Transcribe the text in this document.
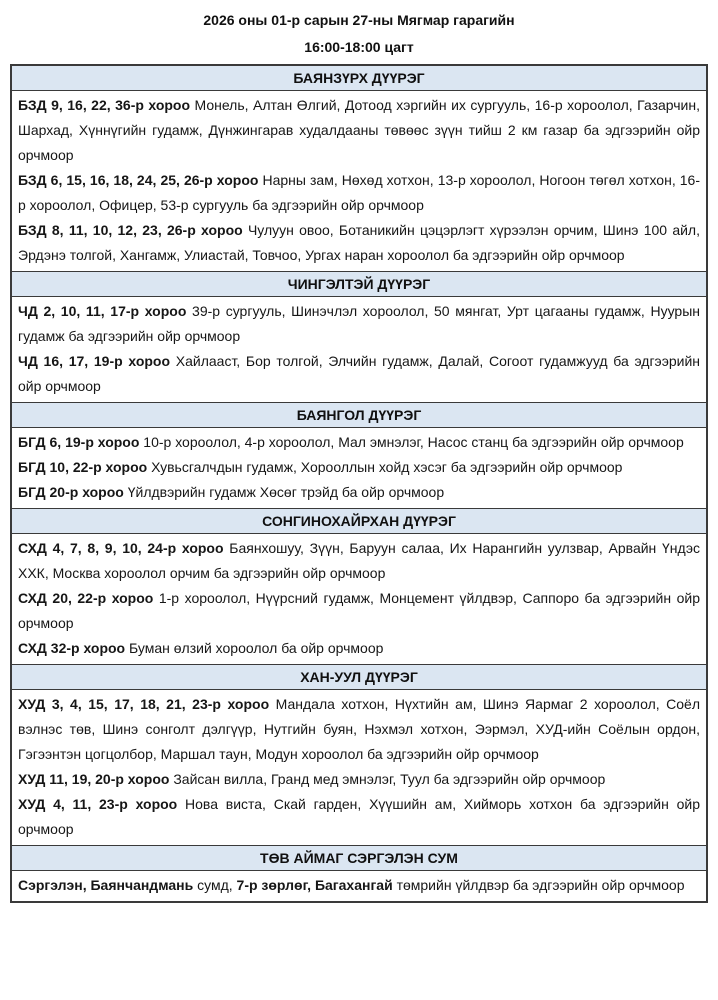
2026 оны 01-р сарын 27-ны Мягмар гарагийн
16:00-18:00 цагт
БАЯНЗҮРХ ДҮҮРЭГ

БЗД 9, 16, 22, 36-р хороо Монель, Алтан Өлгий, Дотоод хэргийн их сургууль, 16-р хороолол, Газарчин, Шархад, Хүннүгийн гудамж, Дүнжингарав худалдааны төвөөс зүүн тийш 2 км газар ба эдгээрийн ойр орчмоор

БЗД 6, 15, 16, 18, 24, 25, 26-р хороо Нарны зам, Нөхөд хотхон, 13-р хороолол, Ногоон төгөл хотхон, 16-р хороолол, Офицер, 53-р сургууль ба эдгээрийн ойр орчмоор

БЗД 8, 11, 10, 12, 23, 26-р хороо Чулуун овоо, Ботаникийн цэцэрлэгт хүрээлэн орчим, Шинэ 100 айл, Эрдэнэ толгой, Хангамж, Улиастай, Товчоо, Ургах наран хороолол ба эдгээрийн ойр орчмоор

ЧИНГЭЛТЭЙ ДҮҮРЭГ

ЧД 2, 10, 11, 17-р хороо 39-р сургууль, Шинэчлэл хороолол, 50 мянгат, Урт цагааны гудамж, Нуурын гудамж ба эдгээрийн ойр орчмоор

ЧД 16, 17, 19-р хороо Хайлааст, Бор толгой, Элчийн гудамж, Далай, Согоот гудамжууд ба эдгээрийн ойр орчмоор

БАЯНГОЛ ДҮҮРЭГ

БГД 6, 19-р хороо 10-р хороолол, 4-р хороолол, Мал эмнэлэг, Насос станц ба эдгээрийн ойр орчмоор

БГД 10, 22-р хороо Хувьсгалчдын гудамж, Хорооллын хойд хэсэг ба эдгээрийн ойр орчмоор

БГД 20-р хороо Үйлдвэрийн гудамж Хөсөг трэйд ба ойр орчмоор

СОНГИНОХАЙРХАН ДҮҮРЭГ

СХД 4, 7, 8, 9, 10, 24-р хороо Баянхошуу, Зүүн, Баруун салаа, Их Нарангийн уулзвар, Арвайн Үндэс ХХК, Москва хороолол орчим ба эдгээрийн ойр орчмоор

СХД 20, 22-р хороо 1-р хороолол, Нүүрсний гудамж, Монцемент үйлдвэр, Саппоро ба эдгээрийн ойр орчмоор

СХД 32-р хороо Буман өлзий хороолол ба ойр орчмоор

ХАН-УУЛ ДҮҮРЭГ

ХУД 3, 4, 15, 17, 18, 21, 23-р хороо Мандала хотхон, Нүхтийн ам, Шинэ Яармаг 2 хороолол, Соёл вэлнэс төв, Шинэ сонголт дэлгүүр, Нутгийн буян, Нэхмэл хотхон, Ээрмэл, ХУД-ийн Соёлын ордон, Гэгээнтэн цогцолбор, Маршал таун, Модун хороолол ба эдгээрийн ойр орчмоор

ХУД 11, 19, 20-р хороо Зайсан вилла, Гранд мед эмнэлэг, Туул ба эдгээрийн ойр орчмоор

ХУД 4, 11, 23-р хороо Нова виста, Скай гарден, Хүүшийн ам, Хийморь хотхон ба эдгээрийн ойр орчмоор

ТӨВ АЙМАГ СЭРГЭЛЭН СУМ

Сэргэлэн, Баянчандмань сумд, 7-р зөрлөг, Багахангай төмрийн үйлдвэр ба эдгээрийн ойр орчмоор
